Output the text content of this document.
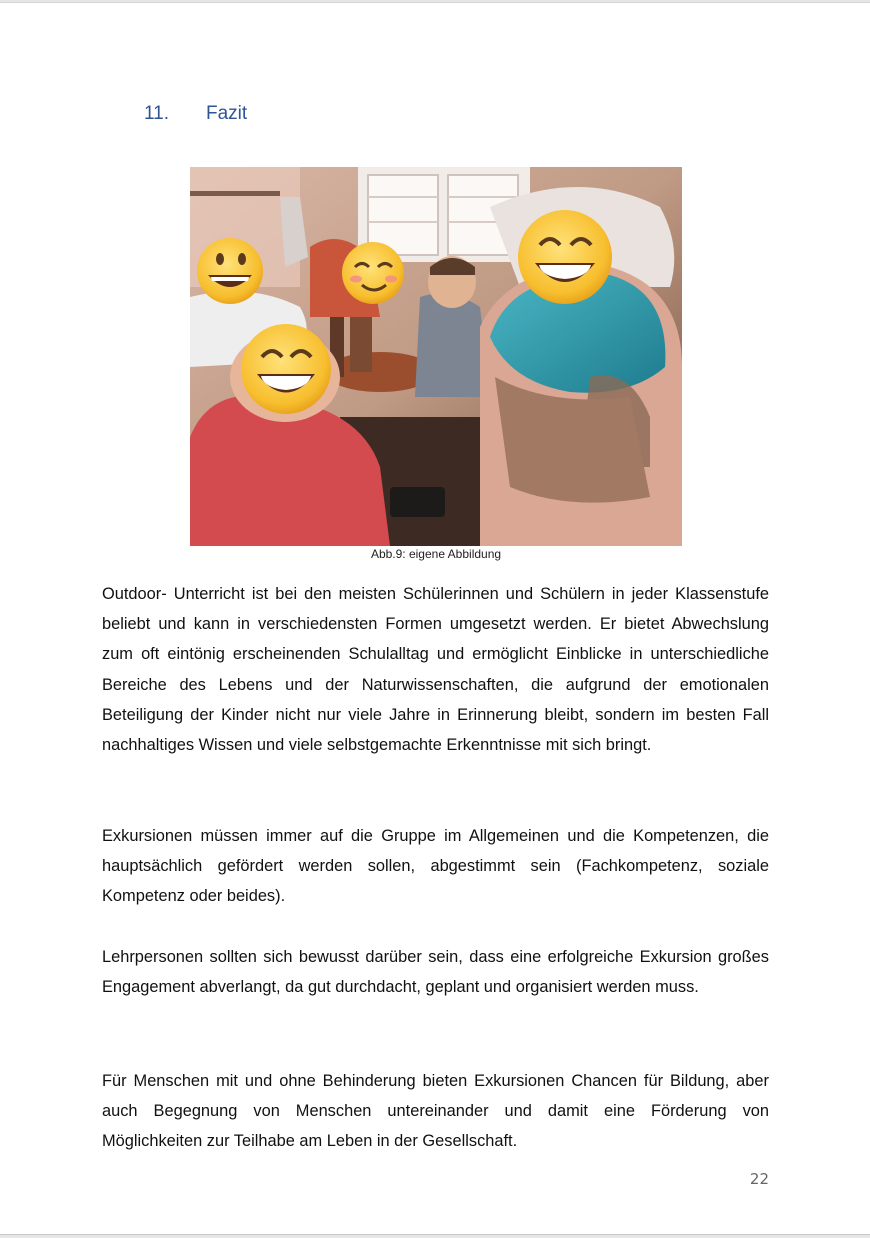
11.	Fazit
Abb.9: eigene Abbildung

Outdoor- Unterricht ist bei den meisten Schülerinnen und Schülern in jeder Klassenstufe beliebt und kann in verschiedensten Formen umgesetzt werden. Er bietet Abwechslung zum oft eintönig erscheinenden Schulalltag und ermöglicht Einblicke in unterschiedliche Bereiche des Lebens und der Naturwissenschaften, die aufgrund der emotionalen Beteiligung der Kinder nicht nur viele Jahre in Erinnerung bleibt, sondern im besten Fall nachhaltiges Wissen und viele selbstgemachte Erkenntnisse mit sich bringt.

Exkursionen müssen immer auf die Gruppe im Allgemeinen und die Kompetenzen, die hauptsächlich gefördert werden sollen, abgestimmt sein (Fachkompetenz, soziale Kompetenz oder beides).

Lehrpersonen sollten sich bewusst darüber sein, dass eine erfolgreiche Exkursion großes Engagement abverlangt, da gut durchdacht, geplant und organisiert werden muss.

Für Menschen mit und ohne Behinderung bieten Exkursionen Chancen für Bildung, aber auch Begegnung von Menschen untereinander und damit eine Förderung von Möglichkeiten zur Teilhabe am Leben in der Gesellschaft.

22
